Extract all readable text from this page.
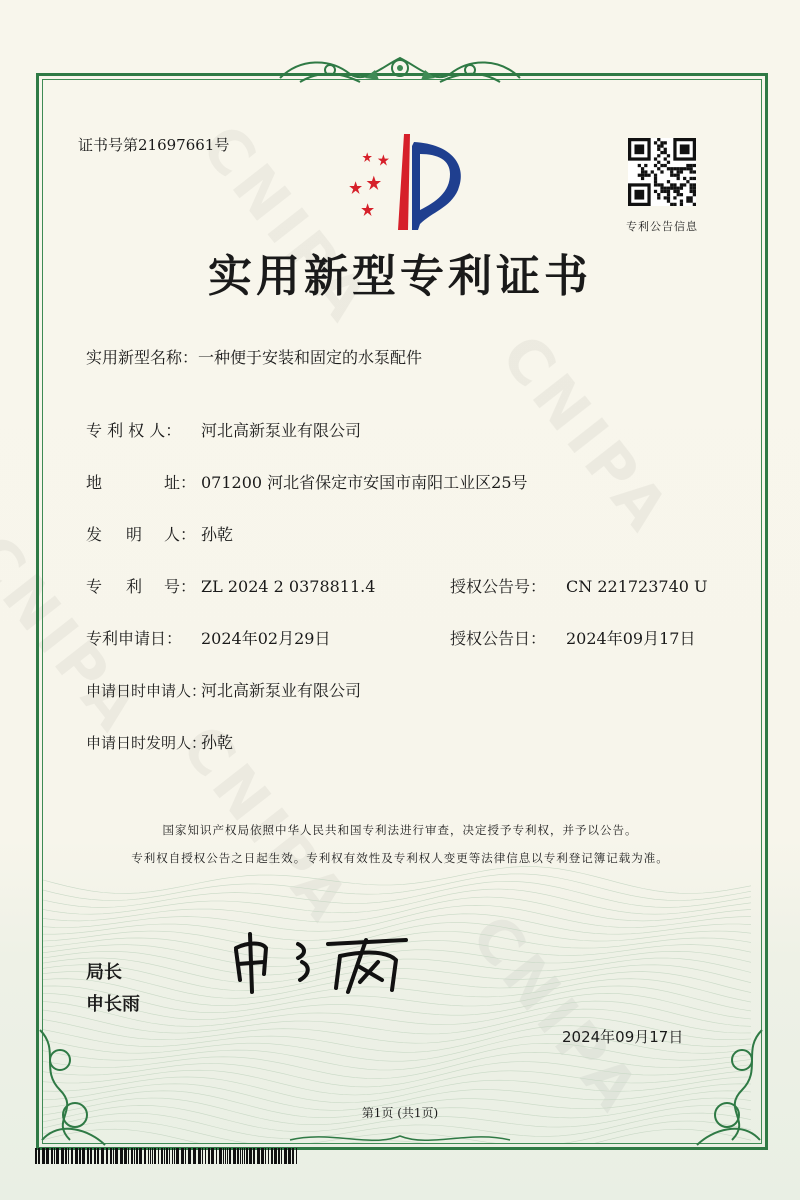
证书号第21697661号
专利公告信息
实用新型专利证书
实用新型名称：一种便于安装和固定的水泵配件
专 利 权 人： 河北高新泵业有限公司
地	址： 071200 河北省保定市安国市南阳工业区25号
发 明 人： 孙乾
专 利 号： ZL 2024 2 0378811.4	授权公告号： CN 221723740 U
专利申请日： 2024年02月29日	授权公告日： 2024年09月17日
申请日时申请人：河北高新泵业有限公司
申请日时发明人：孙乾
国家知识产权局依照中华人民共和国专利法进行审查，决定授予专利权，并予以公告。
专利权自授权公告之日起生效。专利权有效性及专利权人变更等法律信息以专利登记簿记载为准。
局长
申长雨
2024年09月17日
第1页 (共1页)
